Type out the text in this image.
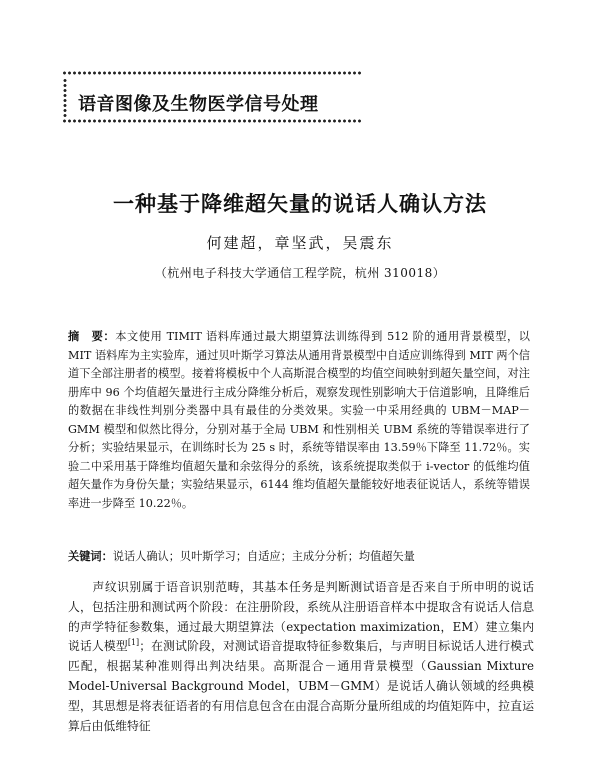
语音图像及生物医学信号处理
一种基于降维超矢量的说话人确认方法
何建超，章坚武，吴震东
（杭州电子科技大学通信工程学院，杭州 310018）
摘　要：本文使用 TIMIT 语料库通过最大期望算法训练得到 512 阶的通用背景模型，以 MIT 语料库为主实验库，通过贝叶斯学习算法从通用背景模型中自适应训练得到 MIT 两个信道下全部注册者的模型。接着将模板中个人高斯混合模型的均值空间映射到超矢量空间，对注册库中 96 个均值超矢量进行主成分降维分析后，观察发现性别影响大于信道影响，且降维后的数据在非线性判别分类器中具有最佳的分类效果。实验一中采用经典的 UBM－MAP－GMM 模型和似然比得分，分别对基于全局 UBM 和性别相关 UBM 系统的等错误率进行了分析；实验结果显示，在训练时长为 25 s 时，系统等错误率由 13.59％下降至 11.72％。实验二中采用基于降维均值超矢量和余弦得分的系统，该系统提取类似于 i-vector 的低维均值超矢量作为身份矢量；实验结果显示，6144 维均值超矢量能较好地表征说话人，系统等错误率进一步降至 10.22％。
关键词：说话人确认；贝叶斯学习；自适应；主成分分析；均值超矢量
　　声纹识别属于语音识别范畴，其基本任务是判断测试语音是否来自于所申明的说话人，包括注册和测试两个阶段：在注册阶段，系统从注册语音样本中提取含有说话人信息的声学特征参数集，通过最大期望算法（expectation maximization，EM）建立集内说话人模型[1]；在测试阶段，对测试语音提取特征参数集后，与声明目标说话人进行模式匹配，根据某种准则得出判决结果。高斯混合－通用背景模型（Gaussian Mixture Model-Universal Background Model，UBM－GMM）是说话人确认领域的经典模型，其思想是将表征语者的有用信息包含在由混合高斯分量所组成的均值矩阵中，拉直运算后由低维特征
